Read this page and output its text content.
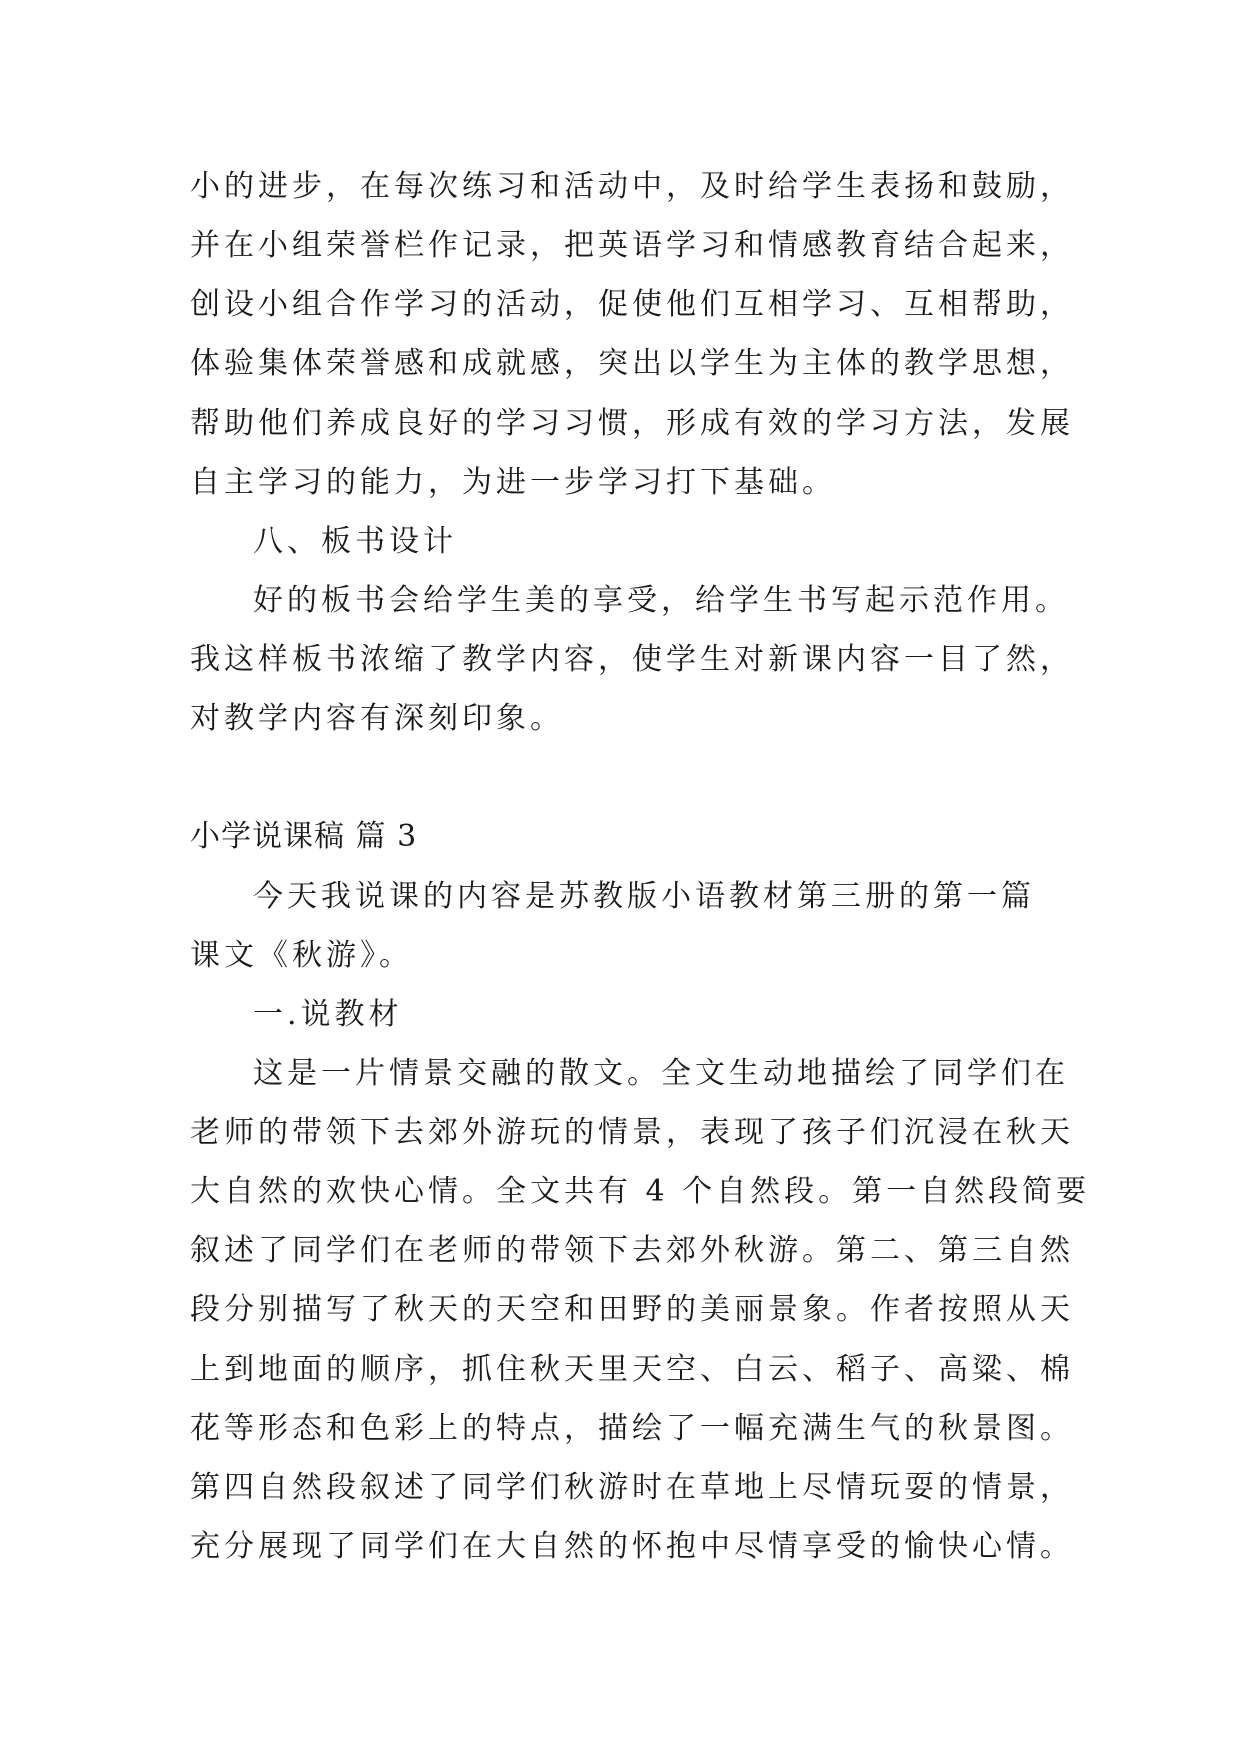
小的进步，在每次练习和活动中，及时给学生表扬和鼓励，
并在小组荣誉栏作记录，把英语学习和情感教育结合起来，
创设小组合作学习的活动，促使他们互相学习、互相帮助，
体验集体荣誉感和成就感，突出以学生为主体的教学思想，
帮助他们养成良好的学习习惯，形成有效的学习方法，发展
自主学习的能力，为进一步学习打下基础。
八、板书设计
好的板书会给学生美的享受，给学生书写起示范作用。
我这样板书浓缩了教学内容，使学生对新课内容一目了然，
对教学内容有深刻印象。
小学说课稿 篇 3
今天我说课的内容是苏教版小语教材第三册的第一篇
课文《秋游》。
一.说教材
这是一片情景交融的散文。全文生动地描绘了同学们在
老师的带领下去郊外游玩的情景，表现了孩子们沉浸在秋天
大自然的欢快心情。全文共有 4 个自然段。第一自然段简要
叙述了同学们在老师的带领下去郊外秋游。第二、第三自然
段分别描写了秋天的天空和田野的美丽景象。作者按照从天
上到地面的顺序，抓住秋天里天空、白云、稻子、高粱、棉
花等形态和色彩上的特点，描绘了一幅充满生气的秋景图。
第四自然段叙述了同学们秋游时在草地上尽情玩耍的情景，
充分展现了同学们在大自然的怀抱中尽情享受的愉快心情。
